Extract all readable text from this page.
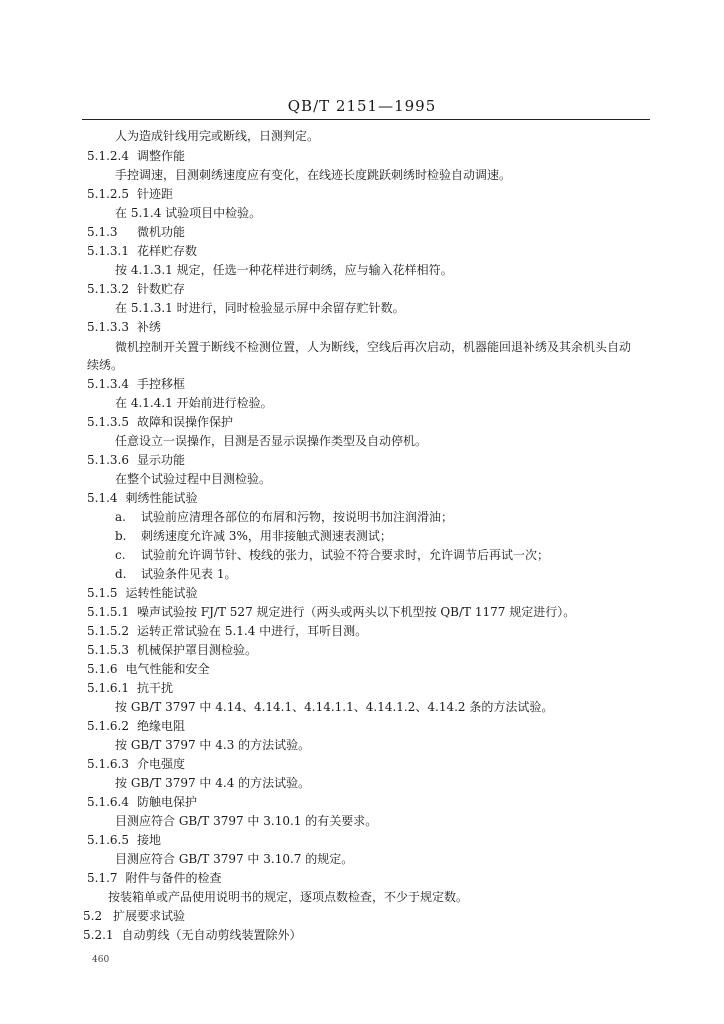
QB/T 2151—1995
人为造成针线用完或断线，日测判定。
5.1.2.4 调整作能
手控调速，目测刺绣速度应有变化，在线迹长度跳跃刺绣时检验自动调速。
5.1.2.5 针迹距
在 5.1.4 试验项目中检验。
5.1.3 微机功能
5.1.3.1 花样贮存数
按 4.1.3.1 规定，任选一种花样进行刺绣，应与输入花样相符。
5.1.3.2 针数贮存
在 5.1.3.1 时进行，同时检验显示屏中余留存贮针数。
5.1.3.3 补绣
微机控制开关置于断线不检测位置，人为断线，空线后再次启动，机器能回退补绣及其余机头自动
续绣。
5.1.3.4 手控移框
在 4.1.4.1 开始前进行检验。
5.1.3.5 故障和误操作保护
任意设立一误操作，目测是否显示误操作类型及自动停机。
5.1.3.6 显示功能
在整个试验过程中目测检验。
5.1.4 刺绣性能试验
a. 试验前应清理各部位的布屑和污物，按说明书加注润滑油；
b. 刺绣速度允许减 3%，用非接触式测速表测试；
c. 试验前允许调节针、梭线的张力，试验不符合要求时，允许调节后再试一次；
d. 试验条件见表 1。
5.1.5 运转性能试验
5.1.5.1 噪声试验按 FJ/T 527 规定进行（两头或两头以下机型按 QB/T 1177 规定进行）。
5.1.5.2 运转正常试验在 5.1.4 中进行，耳听目测。
5.1.5.3 机械保护罩目测检验。
5.1.6 电气性能和安全
5.1.6.1 抗干扰
按 GB/T 3797 中 4.14、4.14.1、4.14.1.1、4.14.1.2、4.14.2 条的方法试验。
5.1.6.2 绝缘电阻
按 GB/T 3797 中 4.3 的方法试验。
5.1.6.3 介电强度
按 GB/T 3797 中 4.4 的方法试验。
5.1.6.4 防触电保护
目测应符合 GB/T 3797 中 3.10.1 的有关要求。
5.1.6.5 接地
目测应符合 GB/T 3797 中 3.10.7 的规定。
5.1.7 附件与备件的检查
按装箱单或产品使用说明书的规定，逐项点数检查，不少于规定数。
5.2 扩展要求试验
5.2.1 自动剪线（无自动剪线装置除外）
460
